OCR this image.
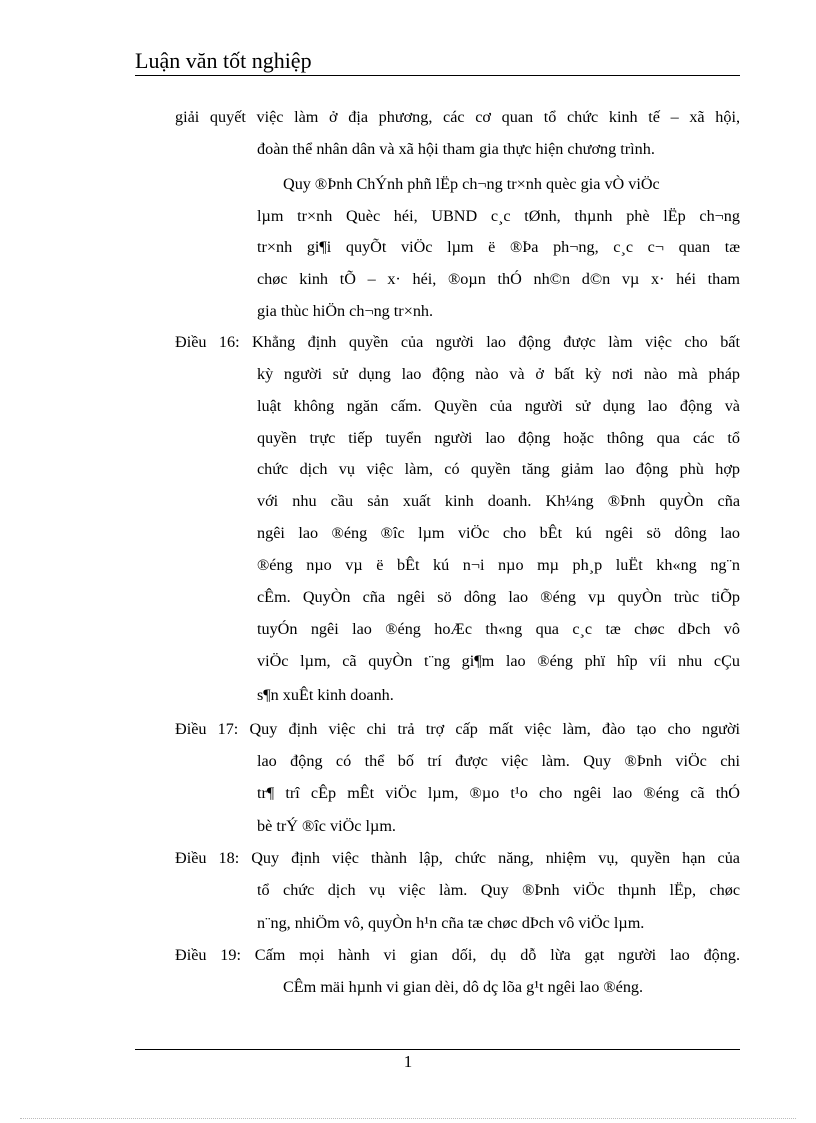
Luận văn tốt nghiệp
giải quyết việc làm ở địa phương, các cơ quan tổ chức kinh tế – xã hội,
đoàn thể nhân dân và xã hội tham gia thực hiện chương trình.
Quy ®Þnh ChÝnh phñ lËp ch¬ng tr×nh quèc gia vÒ viÖc
lµm tr×nh Quèc héi, UBND c¸c tØnh, thµnh phè lËp ch¬ng
tr×nh gi¶i quyÕt viÖc lµm ë ®Þa ph¬ng, c¸c c¬ quan tæ
chøc kinh tÕ – x· héi, ®oµn thÓ nh©n d©n vµ x· héi tham
gia thùc hiÖn ch¬ng tr×nh.
Điều 16: Khẳng định quyền của người lao động được làm việc cho bất
kỳ người sử dụng lao động nào và ở bất kỳ nơi nào mà pháp
luật không ngăn cấm. Quyền của người sử dụng lao động và
quyền trực tiếp tuyển người lao động hoặc thông qua các tổ
chức dịch vụ việc làm, có quyền tăng giảm lao động phù hợp
với nhu cầu sản xuất kinh doanh. Kh¼ng ®Þnh quyÒn cña
ngêi lao ®éng ®îc lµm viÖc cho bÊt kú ngêi sö dông lao
®éng nµo vµ ë bÊt kú n¬i nµo mµ ph¸p luËt kh«ng ng¨n
cÊm. QuyÒn cña ngêi sö dông lao ®éng vµ quyÒn trùc tiÕp
tuyÓn ngêi lao ®éng hoÆc th«ng qua c¸c tæ chøc dÞch vô
viÖc lµm, cã quyÒn t¨ng gi¶m lao ®éng phï hîp víi nhu cÇu
s¶n xuÊt kinh doanh.
Điều 17: Quy định việc chi trả trợ cấp mất việc làm, đào tạo cho người
lao động có thể bố trí được việc làm. Quy ®Þnh viÖc chi
tr¶ trî cÊp mÊt viÖc lµm, ®µo t¹o cho ngêi lao ®éng cã thÓ
bè trÝ ®îc viÖc lµm.
Điều 18: Quy định việc thành lập, chức năng, nhiệm vụ, quyền hạn của
tổ chức dịch vụ việc làm. Quy ®Þnh viÖc thµnh lËp, chøc
n¨ng, nhiÖm vô, quyÒn h¹n cña tæ chøc dÞch vô viÖc lµm.
Điều 19: Cấm mọi hành vi gian dối, dụ dỗ lừa gạt người lao động.
CÊm mäi hµnh vi gian dèi, dô dç lõa g¹t ngêi lao ®éng.
1
